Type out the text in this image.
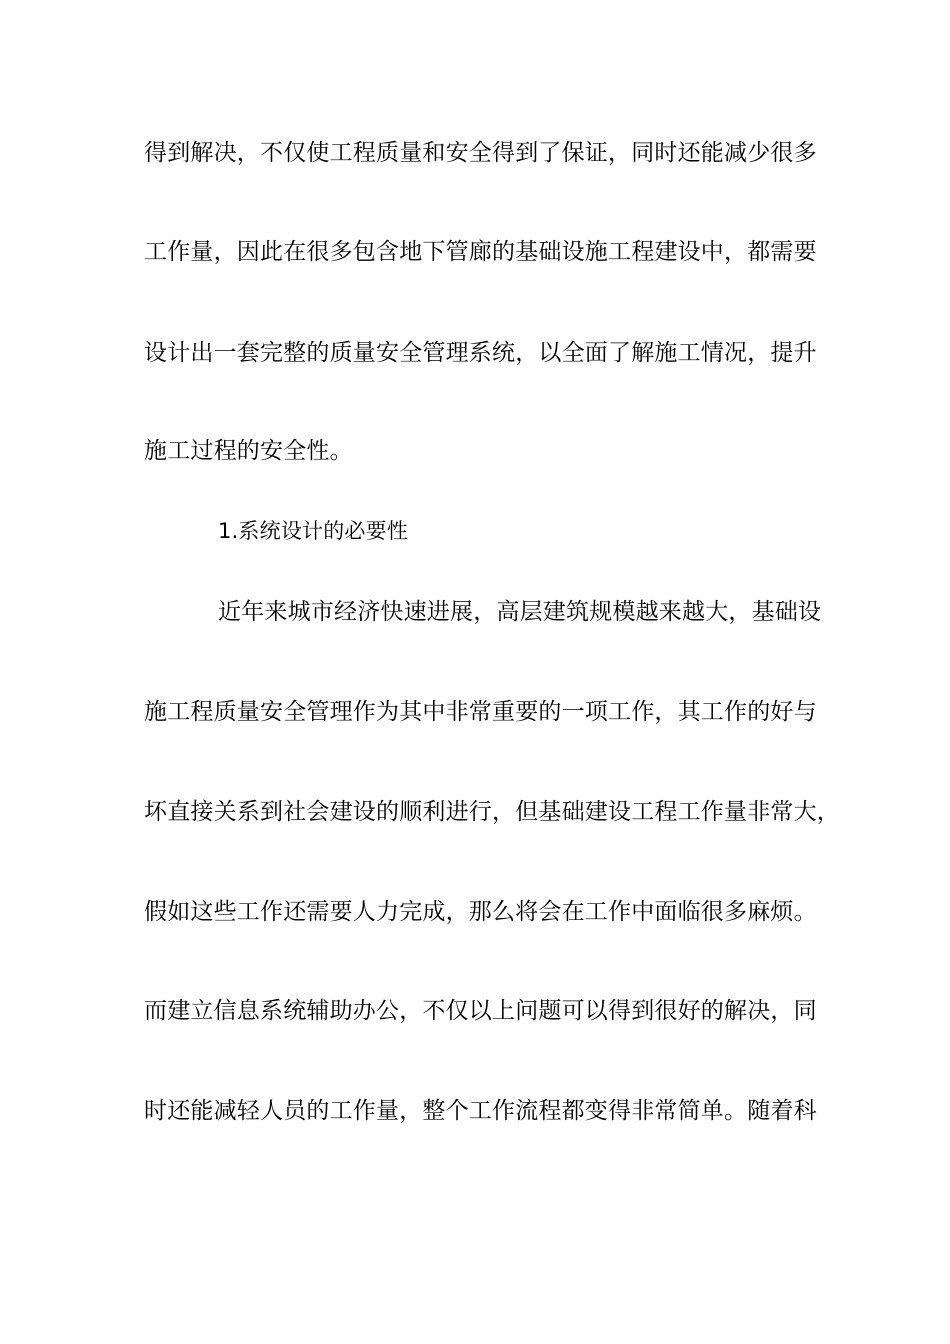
得到解决，不仅使工程质量和安全得到了保证，同时还能减少很多
工作量，因此在很多包含地下管廊的基础设施工程建设中，都需要
设计出一套完整的质量安全管理系统，以全面了解施工情况，提升
施工过程的安全性。
1.系统设计的必要性
近年来城市经济快速进展，高层建筑规模越来越大，基础设
施工程质量安全管理作为其中非常重要的一项工作，其工作的好与
坏直接关系到社会建设的顺利进行，但基础建设工程工作量非常大，
假如这些工作还需要人力完成，那么将会在工作中面临很多麻烦。
而建立信息系统辅助办公，不仅以上问题可以得到很好的解决，同
时还能减轻人员的工作量，整个工作流程都变得非常简单。随着科
